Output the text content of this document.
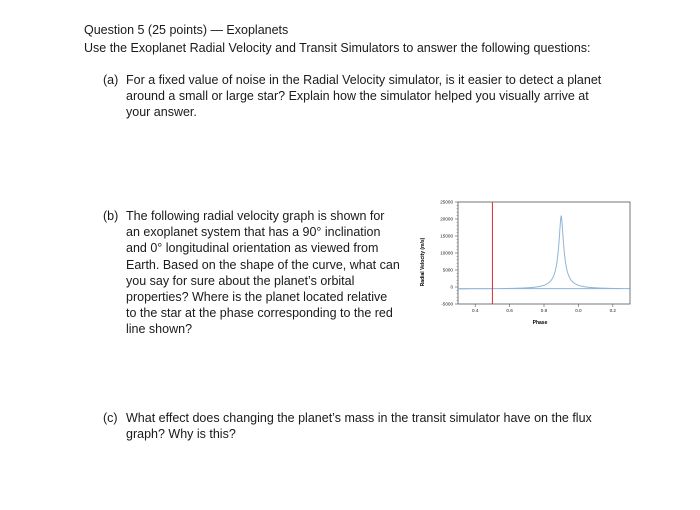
Question 5 (25 points) — Exoplanets
Use the Exoplanet Radial Velocity and Transit Simulators to answer the following questions:
(a) For a fixed value of noise in the Radial Velocity simulator, is it easier to detect a planet
around a small or large star? Explain how the simulator helped you visually arrive at
your answer.
(b) The following radial velocity graph is shown for
an exoplanet system that has a 90° inclination
and 0° longitudinal orientation as viewed from
Earth. Based on the shape of the curve, what can
you say for sure about the planet’s orbital
properties? Where is the planet located relative
to the star at the phase corresponding to the red
line shown?
25000
20000
15000
10000
5000
0
-5000
0.4	0.6	0.8	0.0	0.2
Radial Velocity (m/s)
Phase
(c) What effect does changing the planet’s mass in the transit simulator have on the flux
graph? Why is this?
